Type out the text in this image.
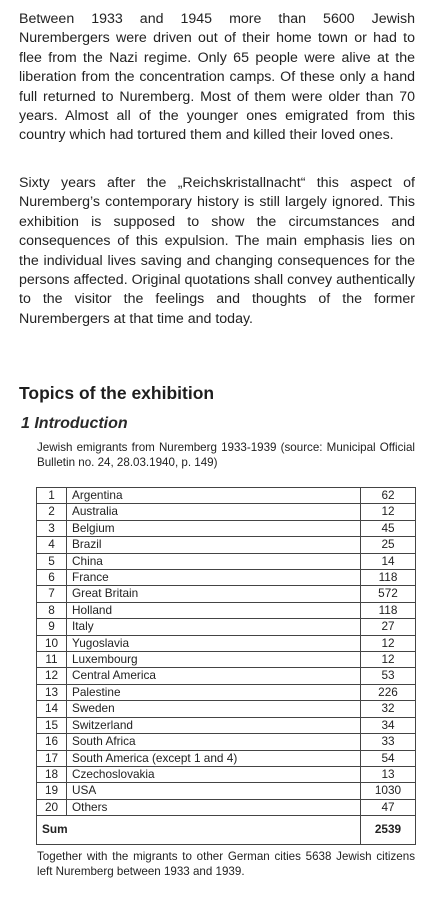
Between 1933 and 1945 more than 5600 Jewish Nurembergers were driven out of their home town or had to flee from the Nazi regime. Only 65 people were alive at the liberation from the concentration camps. Of these only a hand full returned to Nuremberg. Most of them were older than 70 years. Almost all of the younger ones emigrated from this country which had tortured them and killed their loved ones.

Sixty years after the „Reichskristallnacht“ this aspect of Nuremberg’s contemporary history is still largely ignored. This exhibition is supposed to show the circumstances and consequences of this expulsion. The main emphasis lies on the individual lives saving and changing consequences for the persons affected. Original quotations shall convey authentically to the visitor the feelings and thoughts of the former Nurembergers at that time and today.

Topics of the exhibition
1 Introduction

Jewish emigrants from Nuremberg 1933-1939 (source: Municipal Official Bulletin no. 24, 28.03.1940, p. 149)

1	Argentina	62
2	Australia	12
3	Belgium	45
4	Brazil	25
5	China	14
6	France	118
7	Great Britain	572
8	Holland	118
9	Italy	27
10	Yugoslavia	12
11	Luxembourg	12
12	Central America	53
13	Palestine	226
14	Sweden	32
15	Switzerland	34
16	South Africa	33
17	South America (except 1 and 4)	54
18	Czechoslovakia	13
19	USA	1030
20	Others	47
Sum		2539

Together with the migrants to other German cities 5638 Jewish citizens left Nuremberg between 1933 and 1939.
